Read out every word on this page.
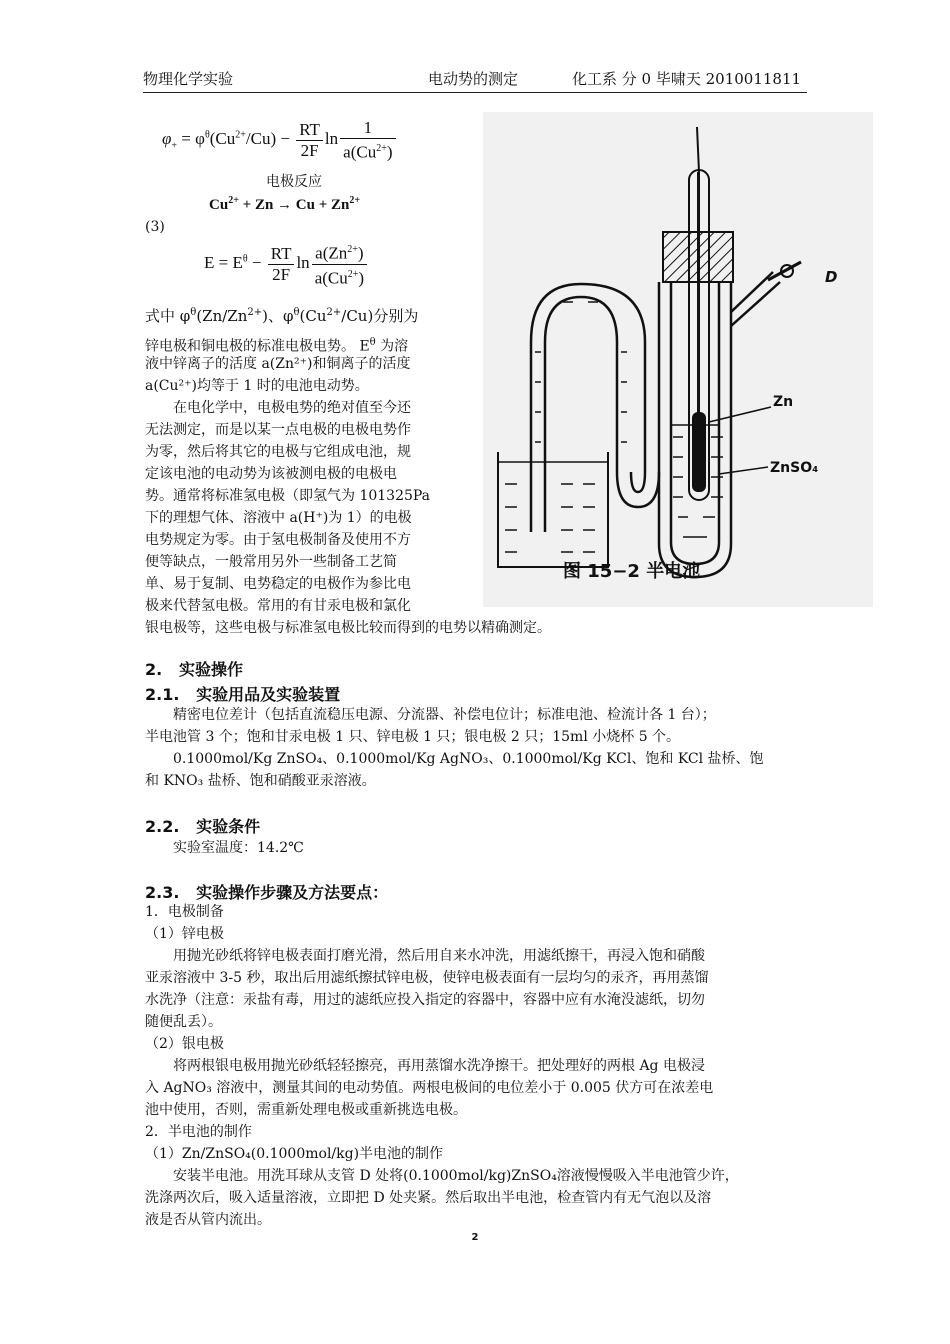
物理化学实验	电动势的测定	化工系 分 0 毕啸天 2010011811
$\varphi_+ = \varphi^\theta(Cu^{2+}/Cu) - \frac{RT}{2F}$ $\ln \frac{1}{a(Cu^{2+})}$
电极反应
$Cu^{2+} + Zn \to Cu + Zn^{2+}$
(3)
$E = E^\theta - \frac{RT}{2F}$ $\ln \frac{a(Zn^{2+})}{a(Cu^{2+})}$
式中 $\varphi^\theta(Zn/Zn^{2+})$、$\varphi^\theta(Cu^{2+}/Cu)$分别为
锌电极和铜电极的标准电极电势。 $E^\theta$ 为溶
液中锌离子的活度 a(Zn²⁺)和铜离子的活度
a(Cu²⁺)均等于 1 时的电池电动势。
在电化学中，电极电势的绝对值至今还
无法测定，而是以某一点电极的电极电势作
为零，然后将其它的电极与它组成电池，规
定该电池的电动势为该被测电极的电极电
势。通常将标准氢电极（即氢气为 101325Pa
下的理想气体、溶液中 a(H⁺)为 1）的电极
电势规定为零。由于氢电极制备及使用不方
便等缺点，一般常用另外一些制备工艺简
单、易于复制、电势稳定的电极作为参比电
极来代替氢电极。常用的有甘汞电极和氯化
银电极等，这些电极与标准氢电极比较而得到的电势以精确测定。
D
Zn
ZnSO₄
图 15−2 半电池
2. 实验操作
2.1. 实验用品及实验装置
精密电位差计（包括直流稳压电源、分流器、补偿电位计；标准电池、检流计各 1 台）；
半电池管 3 个；饱和甘汞电极 1 只、锌电极 1 只；银电极 2 只；15ml 小烧杯 5 个。
0.1000mol/Kg ZnSO₄、0.1000mol/Kg AgNO₃、0.1000mol/Kg KCl、饱和 KCl 盐桥、饱
和 KNO₃ 盐桥、饱和硝酸亚汞溶液。
2.2. 实验条件
实验室温度：14.2℃
2.3. 实验操作步骤及方法要点：
1．电极制备
（1）锌电极
用抛光砂纸将锌电极表面打磨光滑，然后用自来水冲洗，用滤纸擦干，再浸入饱和硝酸
亚汞溶液中 3-5 秒，取出后用滤纸擦拭锌电极，使锌电极表面有一层均匀的汞齐，再用蒸馏
水洗净（注意：汞盐有毒，用过的滤纸应投入指定的容器中，容器中应有水淹没滤纸，切勿
随便乱丢）。
（2）银电极
将两根银电极用抛光砂纸轻轻擦亮，再用蒸馏水洗净擦干。把处理好的两根 Ag 电极浸
入 AgNO₃ 溶液中，测量其间的电动势值。两根电极间的电位差小于 0.005 伏方可在浓差电
池中使用，否则，需重新处理电极或重新挑选电极。
2．半电池的制作
（1）Zn/ZnSO₄(0.1000mol/kg)半电池的制作
安装半电池。用洗耳球从支管 D 处将(0.1000mol/kg)ZnSO₄溶液慢慢吸入半电池管少许，
洗涤两次后，吸入适量溶液，立即把 D 处夹紧。然后取出半电池，检查管内有无气泡以及溶
液是否从管内流出。
2
